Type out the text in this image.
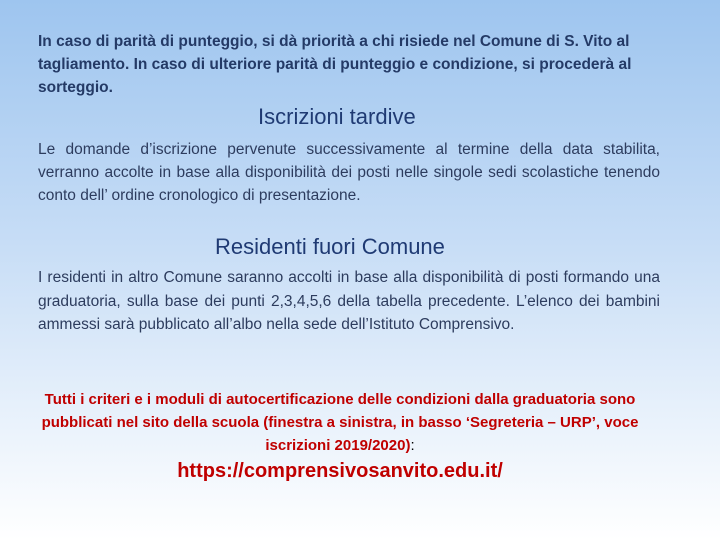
In caso di parità di punteggio, si dà priorità a chi risiede nel Comune di S. Vito al tagliamento. In caso di ulteriore parità di punteggio e condizione, si procederà al sorteggio.
Iscrizioni tardive
Le domande d’iscrizione pervenute successivamente al termine della data stabilita, verranno accolte in base alla disponibilità dei posti nelle singole sedi scolastiche tenendo conto dell’ ordine cronologico di presentazione.
Residenti fuori Comune
I residenti in altro Comune saranno accolti in base alla disponibilità di posti formando una graduatoria, sulla base dei punti 2,3,4,5,6 della tabella precedente. L’elenco dei bambini ammessi sarà pubblicato all’albo nella sede dell’Istituto Comprensivo.
Tutti i criteri e i moduli di autocertificazione delle condizioni dalla graduatoria sono pubblicati nel sito della scuola (finestra a sinistra, in basso ‘Segreteria – URP’, voce iscrizioni 2019/2020):
https://comprensivosanvito.edu.it/
